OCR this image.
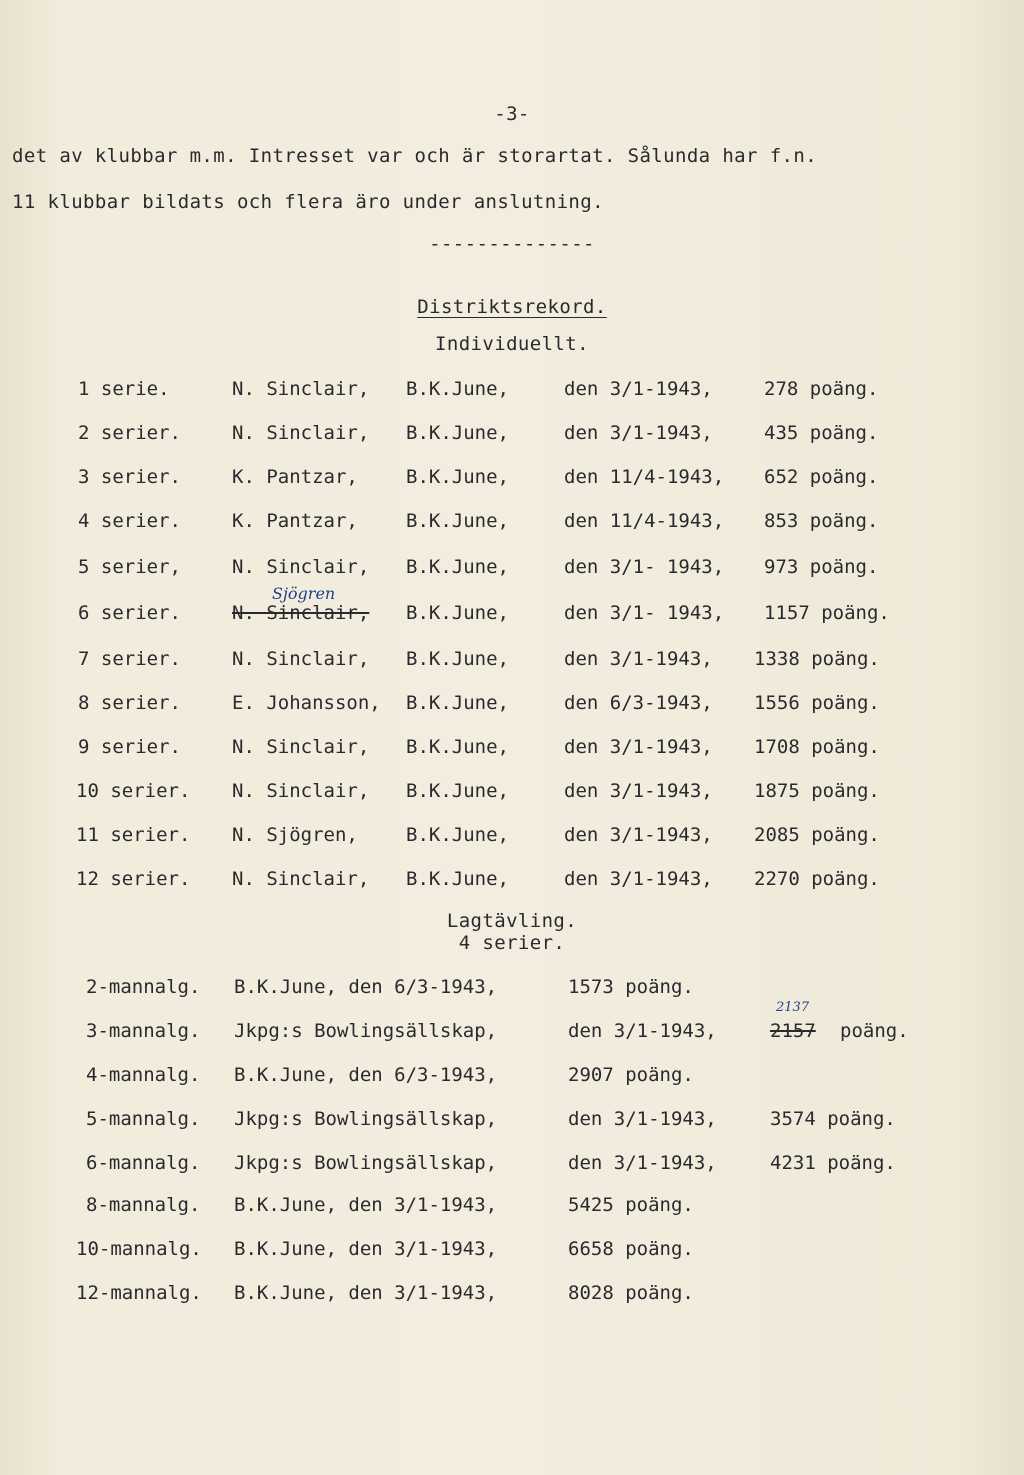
-3-
det av klubbar m.m. Intresset var och är storartat. Sålunda har f.n.
11 klubbar bildats och flera äro under anslutning.
--------------
Distriktsrekord.
Individuellt.
1 serie.	N. Sinclair, B.K.June,	den 3/1-1943,	278 poäng.
2 serier.	N. Sinclair, B.K.June,	den 3/1-1943,	435 poäng.
3 serier.	K. Pantzar,	B.K.June,	den 11/4-1943, 652 poäng.
4 serier.	K. Pantzar,	B.K.June,	den 11/4-1943, 853 poäng.
5 serier,	N. Sinclair, B.K.June,	den 3/1- 1943, 973 poäng.
6 serier.	N. Sinclair, B.K.June,	den 3/1- 1943, 1157 poäng.
Sjögren
7 serier.	N. Sinclair, B.K.June,	den 3/1-1943, 1338 poäng.
8 serier.	E. Johansson, B.K.June,	den 6/3-1943, 1556 poäng.
9 serier.	N. Sinclair, B.K.June,	den 3/1-1943, 1708 poäng.
10 serier. N. Sinclair, B.K.June,	den 3/1-1943, 1875 poäng.
11 serier. N. Sjögren,	B.K.June,	den 3/1-1943, 2085 poäng.
12 serier. N. Sinclair, B.K.June,	den 3/1-1943, 2270 poäng.
Lagtävling.
4 serier.
2-mannalg. B.K.June, den 6/3-1943,	1573 poäng.
3-mannalg. Jkpg:s Bowlingsällskap,	den 3/1-1943,	2157 poäng.
2137
4-mannalg. B.K.June, den 6/3-1943,	2907 poäng.
5-mannalg. Jkpg:s Bowlingsällskap,	den 3/1-1943,	3574 poäng.
6-mannalg. Jkpg:s Bowlingsällskap,	den 3/1-1943,	4231 poäng.
8-mannalg. B.K.June, den 3/1-1943,	5425 poäng.
10-mannalg. B.K.June, den 3/1-1943,	6658 poäng.
12-mannalg. B.K.June, den 3/1-1943,	8028 poäng.
